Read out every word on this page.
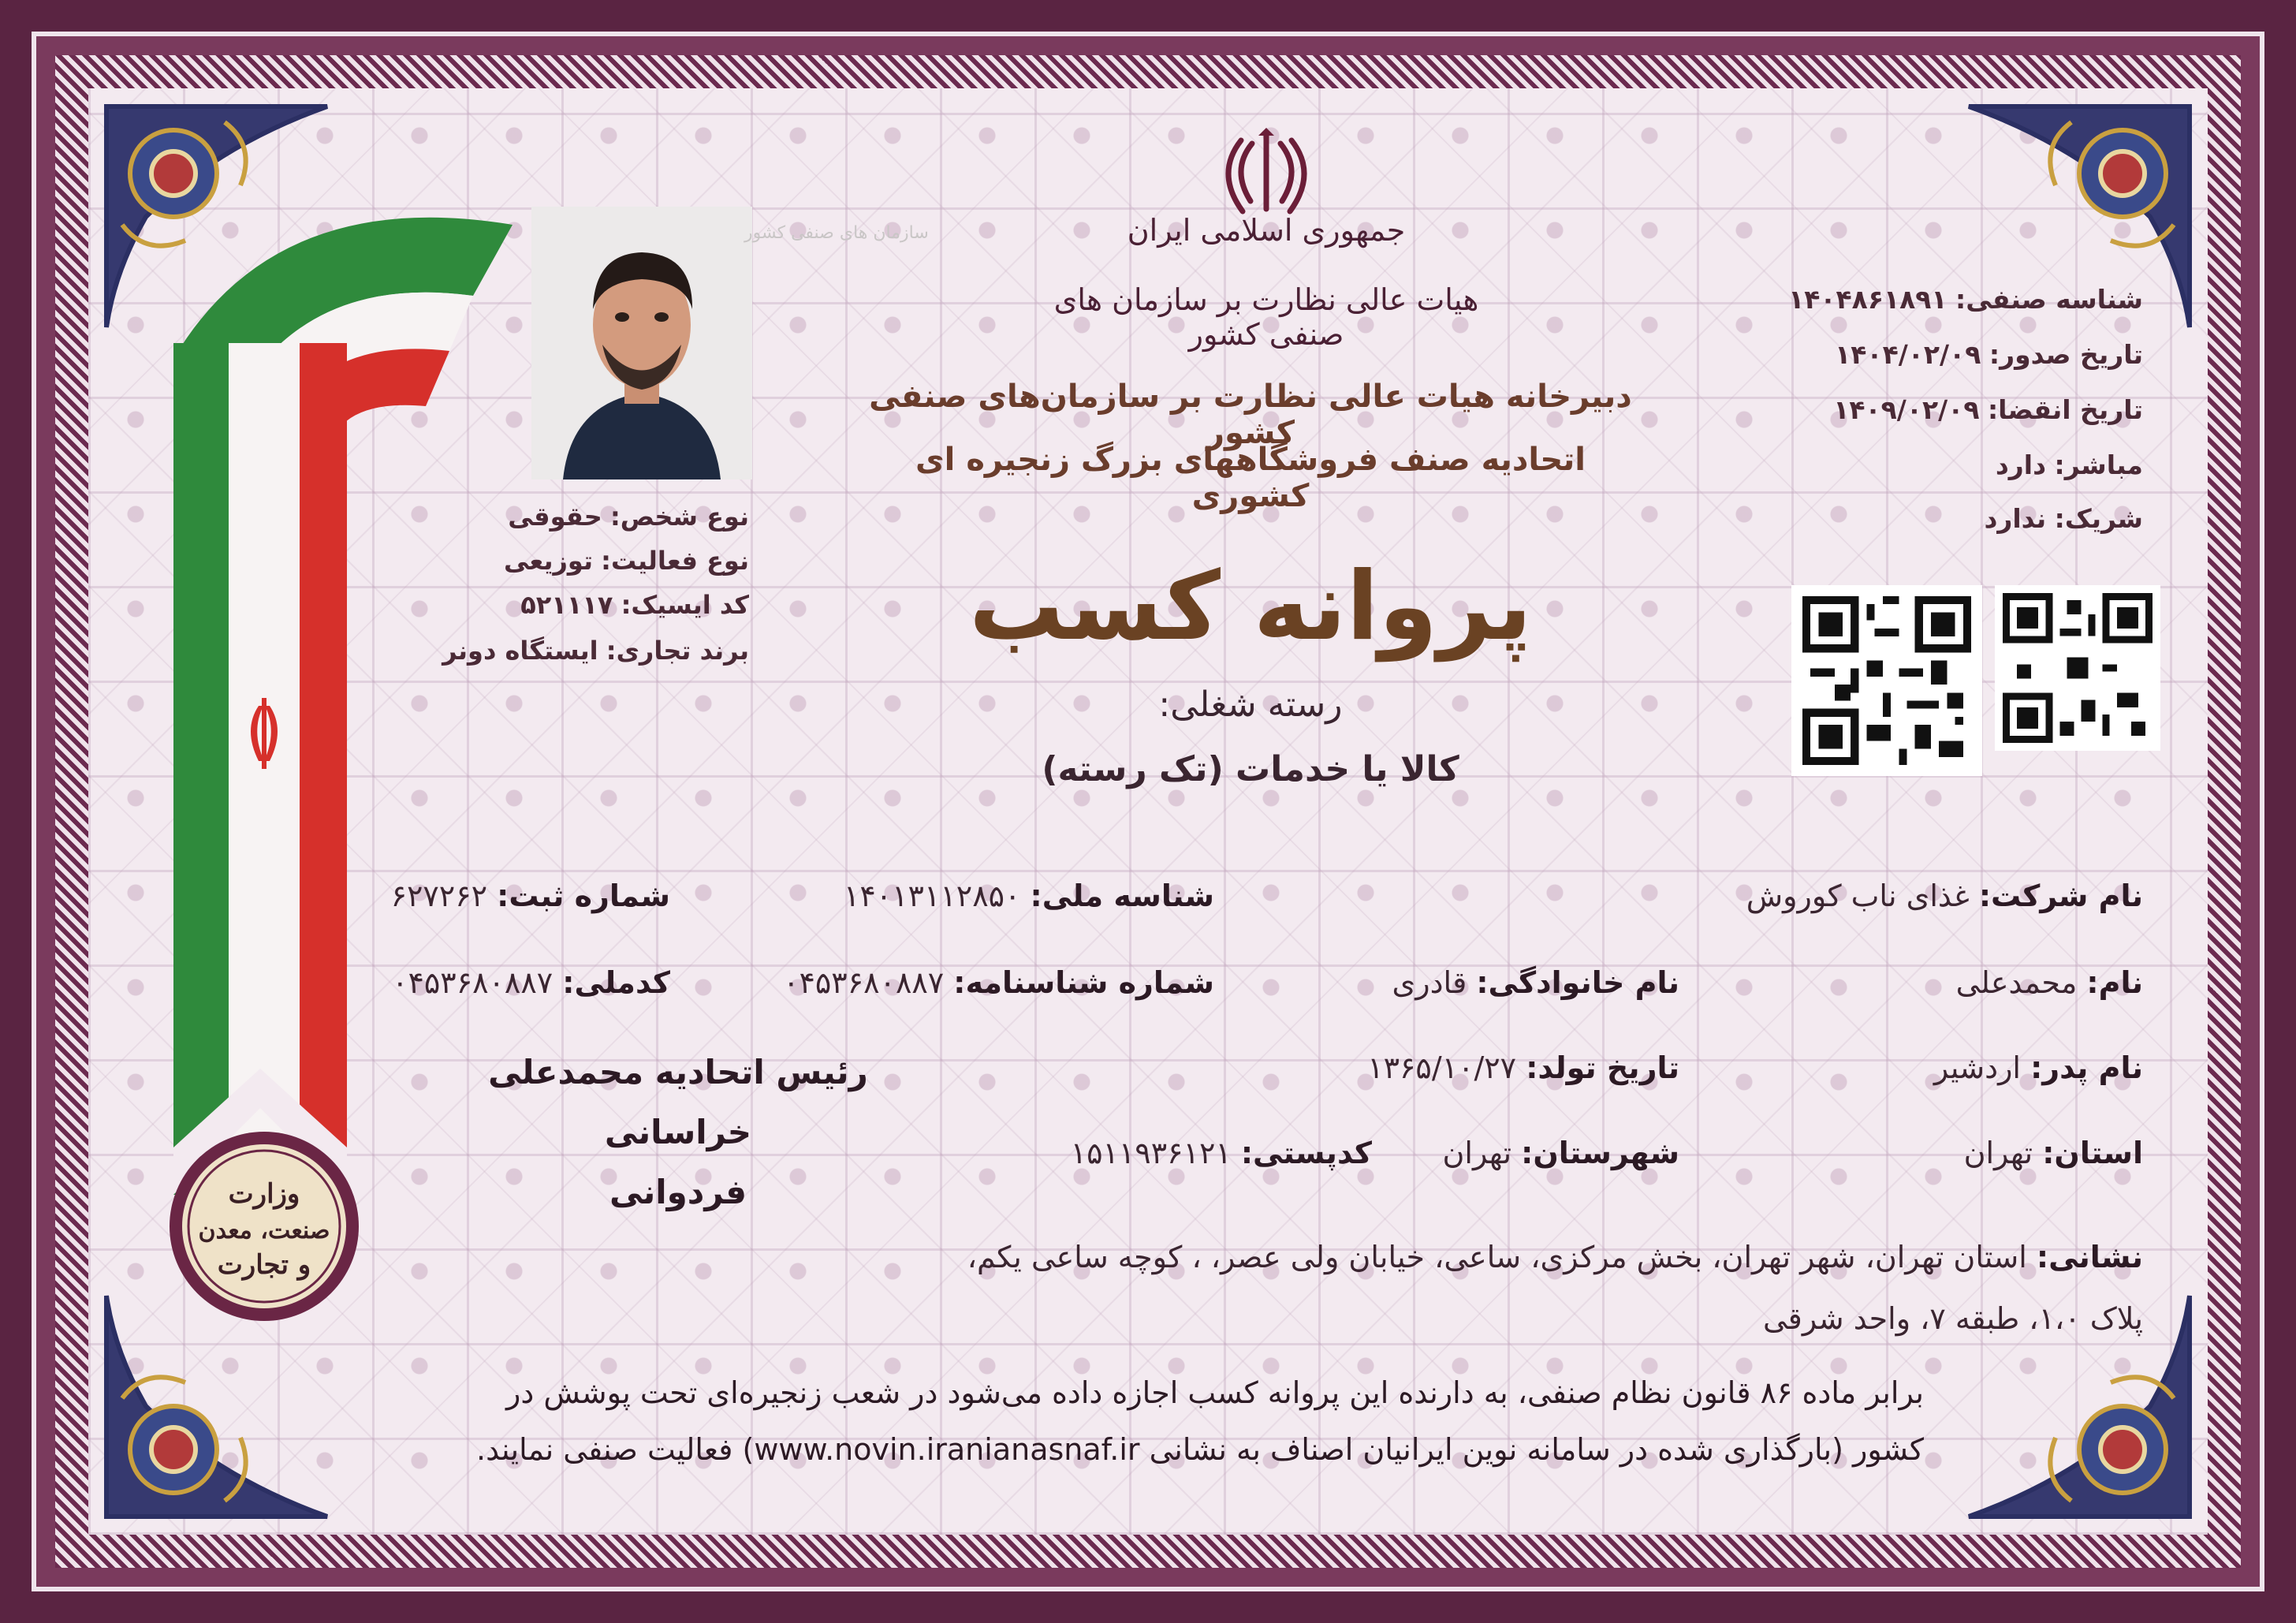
جمهوری اسلامی ایران
هیات عالی نظارت بر سازمان های صنفی کشور
دبیرخانه هیات عالی نظارت بر سازمان‌های صنفی کشور
اتحادیه صنف فروشگاههای بزرگ زنجیره ای کشوری
پروانه کسب
رسته شغلی:
کالا یا خدمات (تک رسته)
شناسه صنفی: ۱۴۰۴۸۶۱۸۹۱
تاریخ صدور: ۱۴۰۴/۰۲/۰۹
تاریخ انقضا: ۱۴۰۹/۰۲/۰۹
مباشر: دارد
شریک: ندارد
سازمان های صنفی کشور
وزارت
صنعت، معدن
و تجارت
نوع شخص: حقوقی
نوع فعالیت: توزیعی
کد ایسیک: ۵۲۱۱۱۷
برند تجاری: ایستگاه دونر
نام شرکت: غذای ناب کوروش
شناسه ملی: ۱۴۰۱۳۱۱۲۸۵۰
شماره ثبت: ۶۲۷۲۶۲
نام: محمدعلی
نام خانوادگی: قادری
شماره شناسنامه: ۰۴۵۳۶۸۰۸۸۷
کدملی: ۰۴۵۳۶۸۰۸۸۷
نام پدر: اردشیر
تاریخ تولد: ۱۳۶۵/۱۰/۲۷
رئیس اتحادیه محمدعلی خراسانی
فردوانی
استان: تهران
شهرستان: تهران
کدپستی: ۱۵۱۱۹۳۶۱۲۱
نشانی: استان تهران، شهر تهران، بخش مرکزی، ساعی، خیابان ولی عصر، ، کوچه ساعی یکم،
پلاک ۱،۰، طبقه ۷، واحد شرقی
برابر ماده ۸۶ قانون نظام صنفی، به دارنده این پروانه کسب اجازه داده می‌شود در شعب زنجیره‌ای تحت پوشش در
کشور (بارگذاری شده در سامانه نوین ایرانیان اصناف به نشانی www.novin.iranianasnaf.ir) فعالیت صنفی نمایند.
